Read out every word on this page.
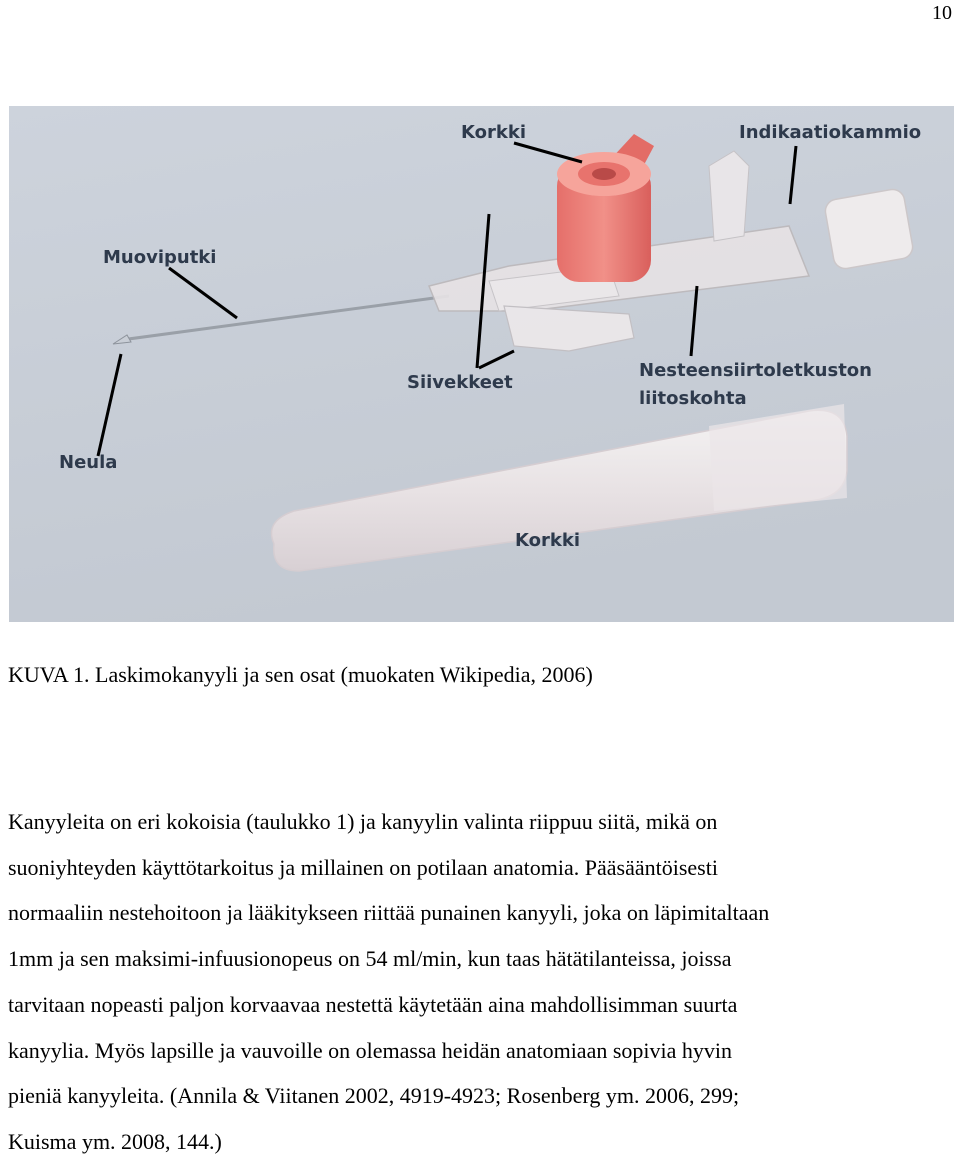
10
Korkki	Indikaatiokammio
Muoviputki
Siivekkeet
Nesteensiirtoletkuston
liitoskohta
Neula
Korkki
KUVA 1. Laskimokanyyli ja sen osat (muokaten Wikipedia, 2006)

Kanyyleita on eri kokoisia (taulukko 1) ja kanyylin valinta riippuu siitä, mikä on
suoniyhteyden käyttötarkoitus ja millainen on potilaan anatomia. Pääsääntöisesti
normaaliin nestehoitoon ja lääkitykseen riittää punainen kanyyli, joka on läpimitaltaan
1mm ja sen maksimi-infuusionopeus on 54 ml/min, kun taas hätätilanteissa, joissa
tarvitaan nopeasti paljon korvaavaa nestettä käytetään aina mahdollisimman suurta
kanyylia. Myös lapsille ja vauvoille on olemassa heidän anatomiaan sopivia hyvin
pieniä kanyyleita. (Annila & Viitanen 2002, 4919-4923; Rosenberg ym. 2006, 299;
Kuisma ym. 2008, 144.)
